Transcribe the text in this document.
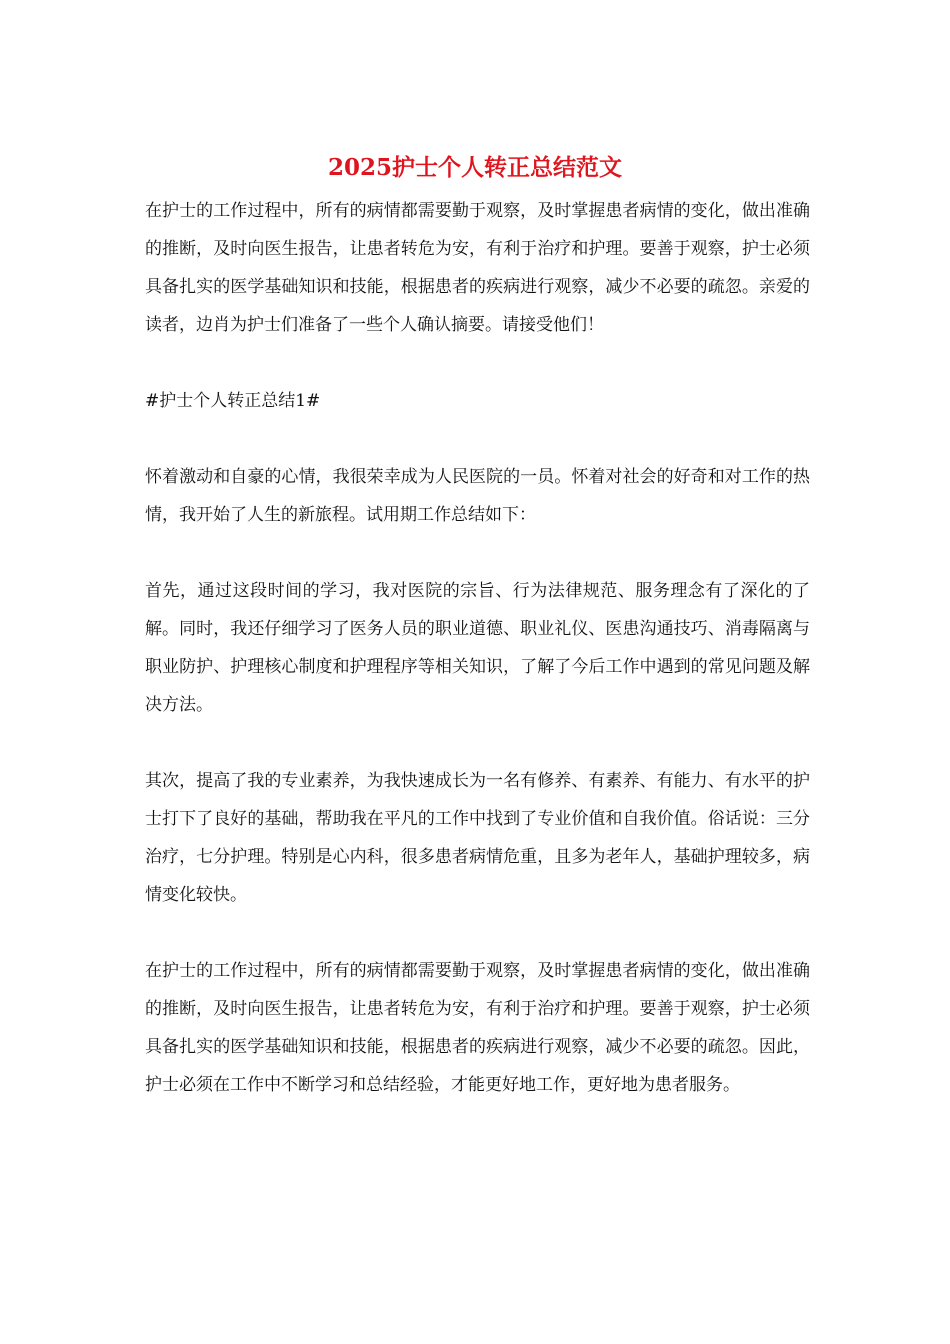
2025护士个人转正总结范文

在护士的工作过程中，所有的病情都需要勤于观察，及时掌握患者病情的变化，做出准确的推断，及时向医生报告，让患者转危为安，有利于治疗和护理。要善于观察，护士必须具备扎实的医学基础知识和技能，根据患者的疾病进行观察，减少不必要的疏忽。亲爱的读者，边肖为护士们准备了一些个人确认摘要。请接受他们！

#护士个人转正总结1#

怀着激动和自豪的心情，我很荣幸成为人民医院的一员。怀着对社会的好奇和对工作的热情，我开始了人生的新旅程。试用期工作总结如下：

首先，通过这段时间的学习，我对医院的宗旨、行为法律规范、服务理念有了深化的了解。同时，我还仔细学习了医务人员的职业道德、职业礼仪、医患沟通技巧、消毒隔离与职业防护、护理核心制度和护理程序等相关知识，了解了今后工作中遇到的常见问题及解决方法。

其次，提高了我的专业素养，为我快速成长为一名有修养、有素养、有能力、有水平的护士打下了良好的基础，帮助我在平凡的工作中找到了专业价值和自我价值。俗话说：三分治疗，七分护理。特别是心内科，很多患者病情危重，且多为老年人，基础护理较多，病情变化较快。

在护士的工作过程中，所有的病情都需要勤于观察，及时掌握患者病情的变化，做出准确的推断，及时向医生报告，让患者转危为安，有利于治疗和护理。要善于观察，护士必须具备扎实的医学基础知识和技能，根据患者的疾病进行观察，减少不必要的疏忽。因此，护士必须在工作中不断学习和总结经验，才能更好地工作，更好地为患者服务。
